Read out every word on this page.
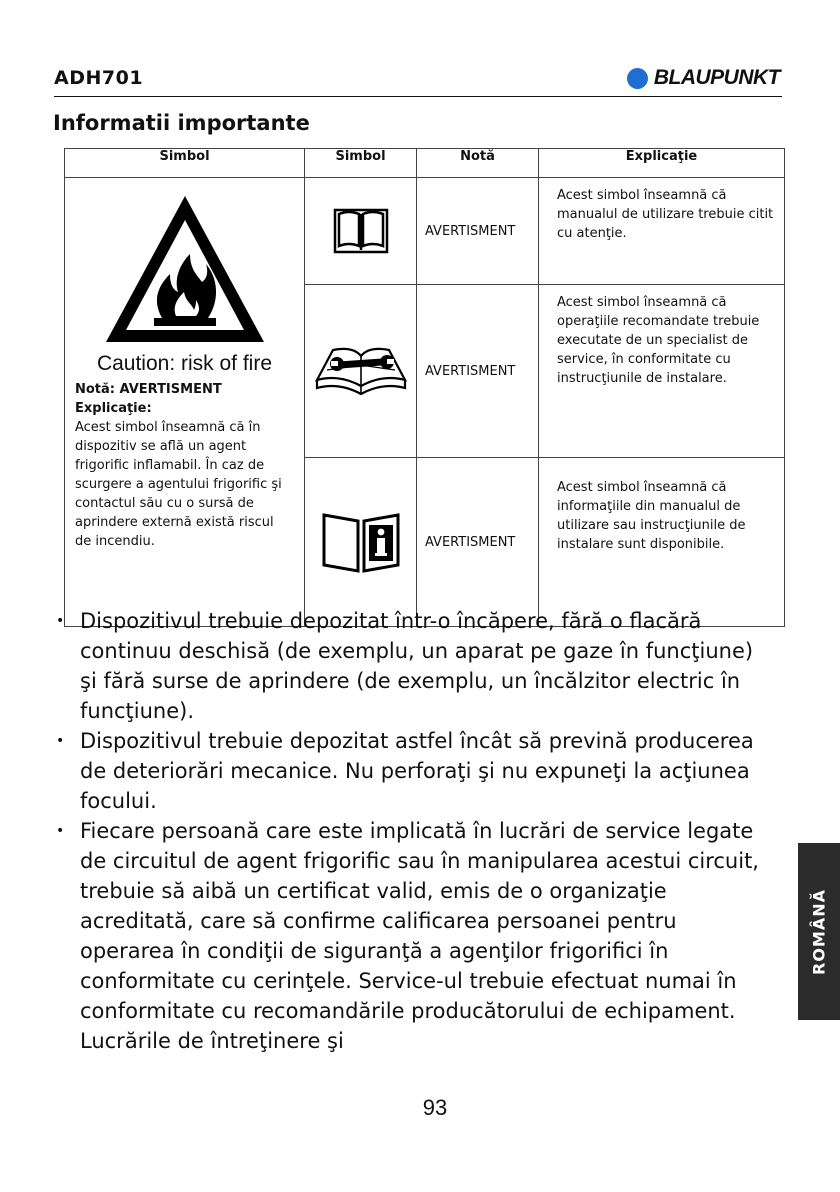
ADH701	BLAUPUNKT
Informatii importante
Simbol	Simbol	Notă	Explicaţie

Caution: risk of fire
Notă: AVERTISMENT
Explicaţie:
Acest simbol înseamnă că în dispozitiv se află un agent frigorific inflamabil. În caz de scurgere a agentului frigorific şi contactul său cu o sursă de aprindere externă există riscul de incendiu.		AVERTISMENT	Acest simbol înseamnă că manualul de utilizare trebuie citit cu atenţie.

AVERTISMENT	Acest simbol înseamnă că operaţiile recomandate trebuie executate de un specialist de service, în conformitate cu instrucţiunile de instalare.

AVERTISMENT	Acest simbol înseamnă că informaţiile din manualul de utilizare sau instrucţiunile de instalare sunt disponibile.
• Dispozitivul trebuie depozitat într-o încăpere, fără o flacără continuu deschisă (de exemplu, un aparat pe gaze în funcţiune) şi fără surse de aprindere (de exemplu, un încălzitor electric în funcţiune).
• Dispozitivul trebuie depozitat astfel încât să prevină producerea de deteriorări mecanice. Nu perforaţi şi nu expuneţi la acţiunea focului.
• Fiecare persoană care este implicată în lucrări de service legate de circuitul de agent frigorific sau în manipularea acestui circuit, trebuie să aibă un certificat valid, emis de o organizaţie acreditată, care să confirme calificarea persoanei pentru operarea în condiţii de siguranţă a agenţilor frigorifici în conformitate cu cerinţele. Service-ul trebuie efectuat numai în conformitate cu recomandările producătorului de echipament. Lucrările de întreţinere şi
93
ROMÂNĂ
